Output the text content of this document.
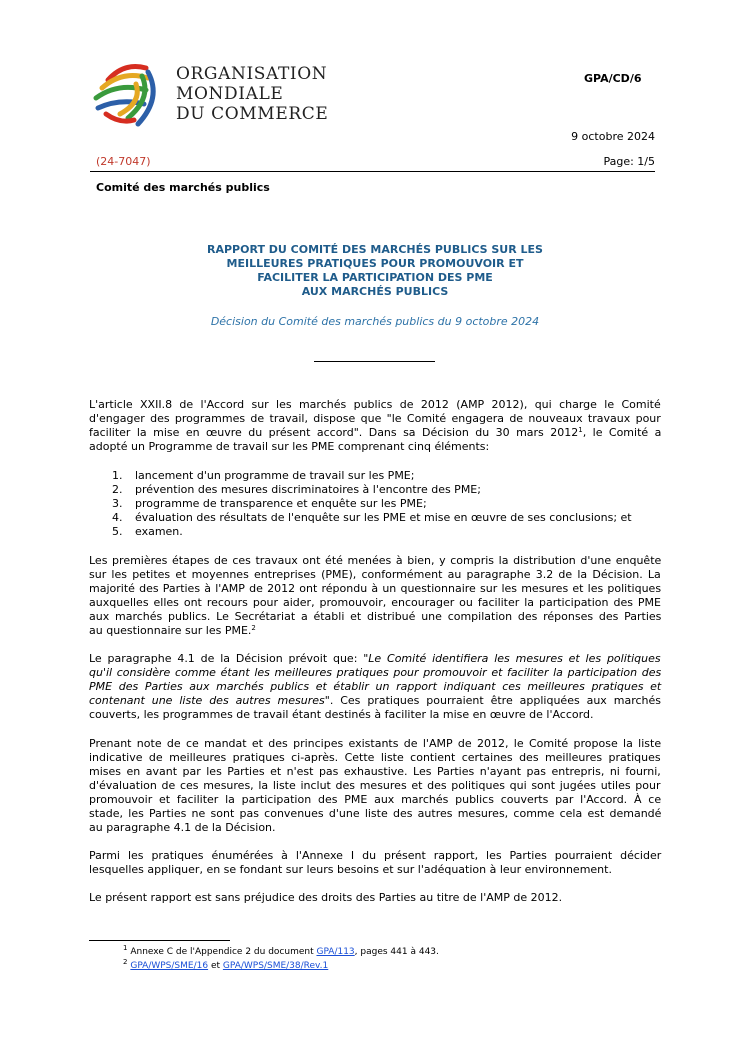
ORGANISATION
MONDIALE
DU COMMERCE
GPA/CD/6
9 octobre 2024
(24-7047)	Page: 1/5
Comité des marchés publics
RAPPORT DU COMITÉ DES MARCHÉS PUBLICS SUR LES
MEILLEURES PRATIQUES POUR PROMOUVOIR ET
FACILITER LA PARTICIPATION DES PME
AUX MARCHÉS PUBLICS
Décision du Comité des marchés publics du 9 octobre 2024
L'article XXII.8 de l'Accord sur les marchés publics de 2012 (AMP 2012), qui charge le Comité
d'engager des programmes de travail, dispose que "le Comité engagera de nouveaux travaux pour
faciliter la mise en œuvre du présent accord". Dans sa Décision du 30 mars 2012$^1$, le Comité a
adopté un Programme de travail sur les PME comprenant cinq éléments:
1. lancement d'un programme de travail sur les PME;
2. prévention des mesures discriminatoires à l'encontre des PME;
3. programme de transparence et enquête sur les PME;
4. évaluation des résultats de l'enquête sur les PME et mise en œuvre de ses conclusions; et
5. examen.
Les premières étapes de ces travaux ont été menées à bien, y compris la distribution d'une enquête
sur les petites et moyennes entreprises (PME), conformément au paragraphe 3.2 de la Décision. La
majorité des Parties à l'AMP de 2012 ont répondu à un questionnaire sur les mesures et les politiques
auxquelles elles ont recours pour aider, promouvoir, encourager ou faciliter la participation des PME
aux marchés publics. Le Secrétariat a établi et distribué une compilation des réponses des Parties
au questionnaire sur les PME.$^2$
Le paragraphe 4.1 de la Décision prévoit que: "Le Comité identifiera les mesures et les politiques
qu'il considère comme étant les meilleures pratiques pour promouvoir et faciliter la participation des
PME des Parties aux marchés publics et établir un rapport indiquant ces meilleures pratiques et
contenant une liste des autres mesures". Ces pratiques pourraient être appliquées aux marchés
couverts, les programmes de travail étant destinés à faciliter la mise en œuvre de l'Accord.
Prenant note de ce mandat et des principes existants de l'AMP de 2012, le Comité propose la liste
indicative de meilleures pratiques ci-après. Cette liste contient certaines des meilleures pratiques
mises en avant par les Parties et n'est pas exhaustive. Les Parties n'ayant pas entrepris, ni fourni,
d'évaluation de ces mesures, la liste inclut des mesures et des politiques qui sont jugées utiles pour
promouvoir et faciliter la participation des PME aux marchés publics couverts par l'Accord. À ce
stade, les Parties ne sont pas convenues d'une liste des autres mesures, comme cela est demandé
au paragraphe 4.1 de la Décision.
Parmi les pratiques énumérées à l'Annexe I du présent rapport, les Parties pourraient décider
lesquelles appliquer, en se fondant sur leurs besoins et sur l'adéquation à leur environnement.
Le présent rapport est sans préjudice des droits des Parties au titre de l'AMP de 2012.
$^1$ Annexe C de l'Appendice 2 du document GPA/113, pages 441 à 443.
$^2$ GPA/WPS/SME/16 et GPA/WPS/SME/38/Rev.1
